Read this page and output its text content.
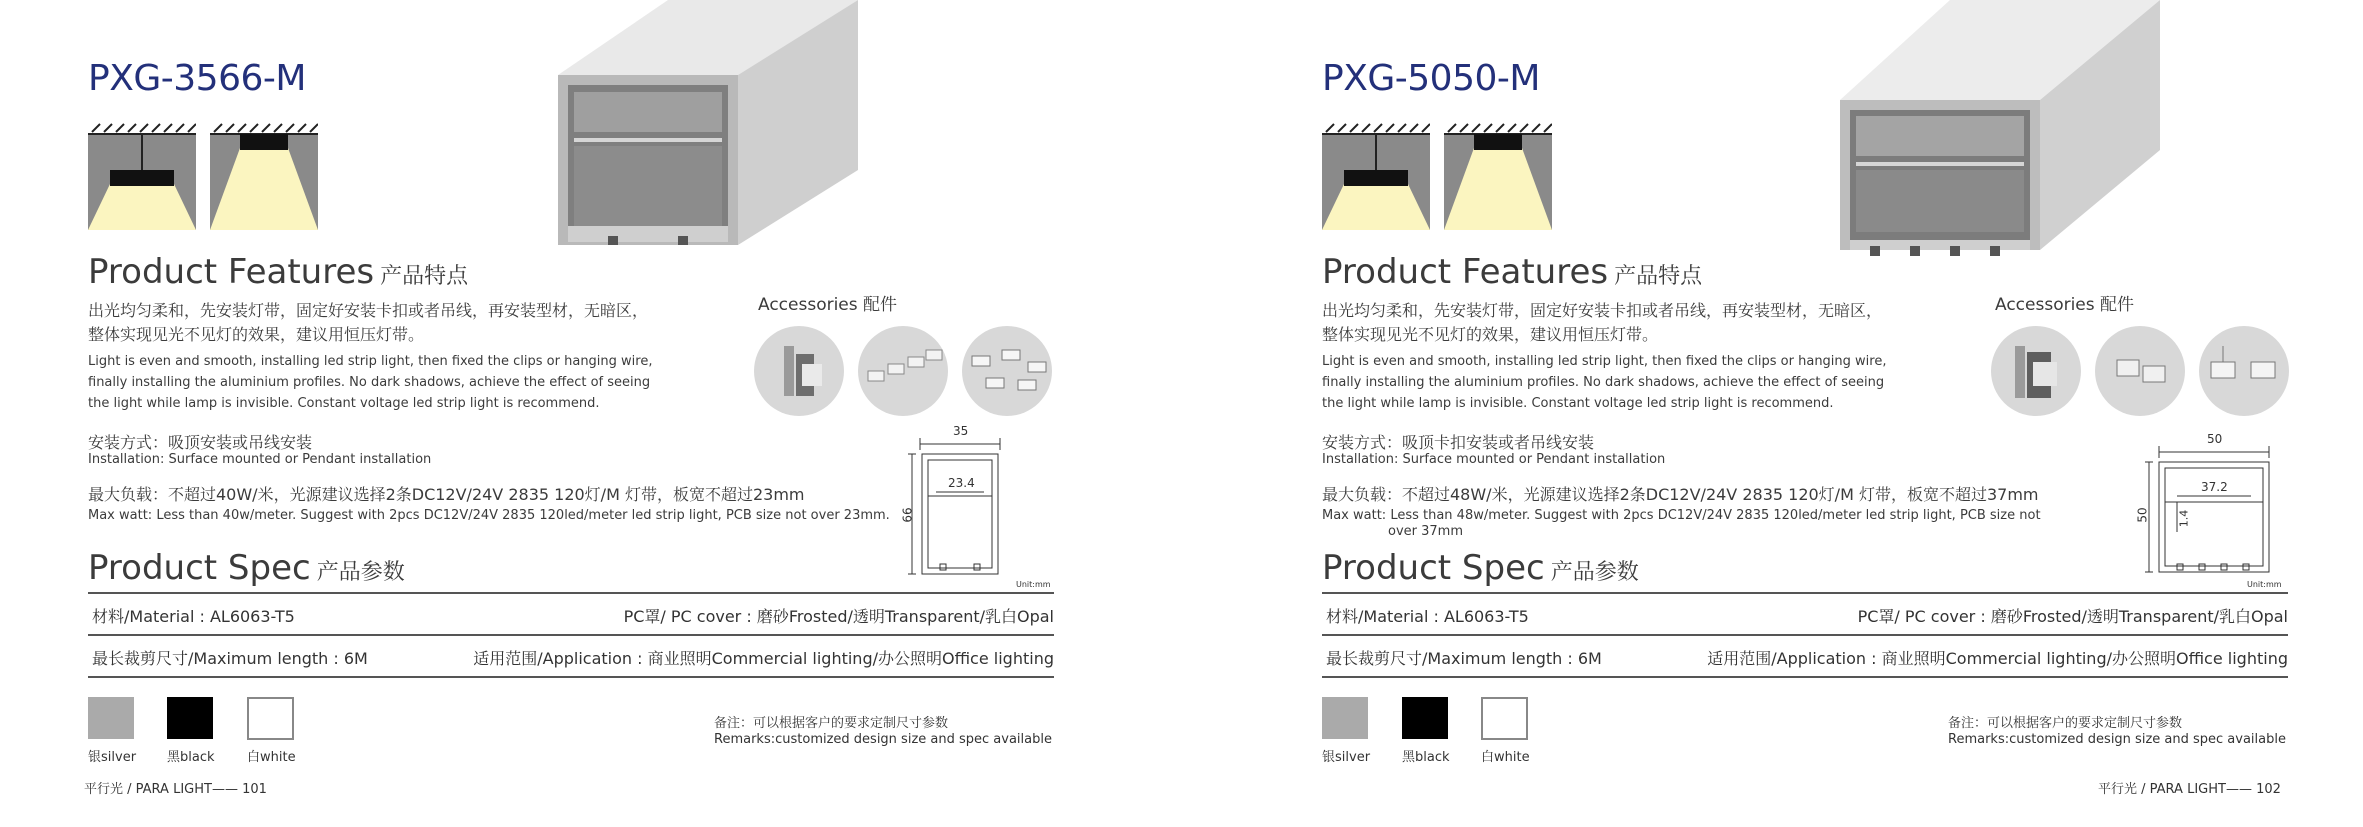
PXG-3566-M
Product Features 产品特点
出光均匀柔和，先安装灯带，固定好安装卡扣或者吊线，再安装型材，无暗区，
整体实现见光不见灯的效果，建议用恒压灯带。
Light is even and smooth, installing led strip light, then fixed the clips or hanging wire,
finally installing the aluminium profiles. No dark shadows, achieve the effect of seeing
the light while lamp is invisible. Constant voltage led strip light is recommend.
安装方式：吸顶安装或吊线安装
Installation: Surface mounted or Pendant installation
最大负载：不超过40W/米，光源建议选择2条DC12V/24V 2835 120灯/M 灯带，板宽不超过23mm
Max watt: Less than 40w/meter. Suggest with 2pcs DC12V/24V 2835 120led/meter led strip light, PCB size not over 23mm.
Accessories 配件
35
66
23.4
Unit:mm
Product Spec 产品参数
材料/Material : AL6063-T5	PC罩/ PC cover : 磨砂Frosted/透明Transparent/乳白Opal
最长裁剪尺寸/Maximum length : 6M	适用范围/Application : 商业照明Commercial lighting/办公照明Office lighting
银silver 黑black 白white
备注：可以根据客户的要求定制尺寸参数
Remarks:customized design size and spec available
平行光 / PARA LIGHT—— 101
PXG-5050-M
Product Features 产品特点
出光均匀柔和，先安装灯带，固定好安装卡扣或者吊线，再安装型材，无暗区，
整体实现见光不见灯的效果，建议用恒压灯带。
Light is even and smooth, installing led strip light, then fixed the clips or hanging wire,
finally installing the aluminium profiles. No dark shadows, achieve the effect of seeing
the light while lamp is invisible. Constant voltage led strip light is recommend.
安装方式：吸顶卡扣安装或者吊线安装
Installation: Surface mounted or Pendant installation
最大负载：不超过48W/米，光源建议选择2条DC12V/24V 2835 120灯/M 灯带，板宽不超过37mm
Max watt: Less than 48w/meter. Suggest with 2pcs DC12V/24V 2835 120led/meter led strip light, PCB size not
over 37mm
Accessories 配件
50
50
37.2
1.4
Unit:mm
Product Spec 产品参数
材料/Material : AL6063-T5	PC罩/ PC cover : 磨砂Frosted/透明Transparent/乳白Opal
最长裁剪尺寸/Maximum length : 6M	适用范围/Application : 商业照明Commercial lighting/办公照明Office lighting
银silver 黑black 白white
备注：可以根据客户的要求定制尺寸参数
Remarks:customized design size and spec available
平行光 / PARA LIGHT—— 102
